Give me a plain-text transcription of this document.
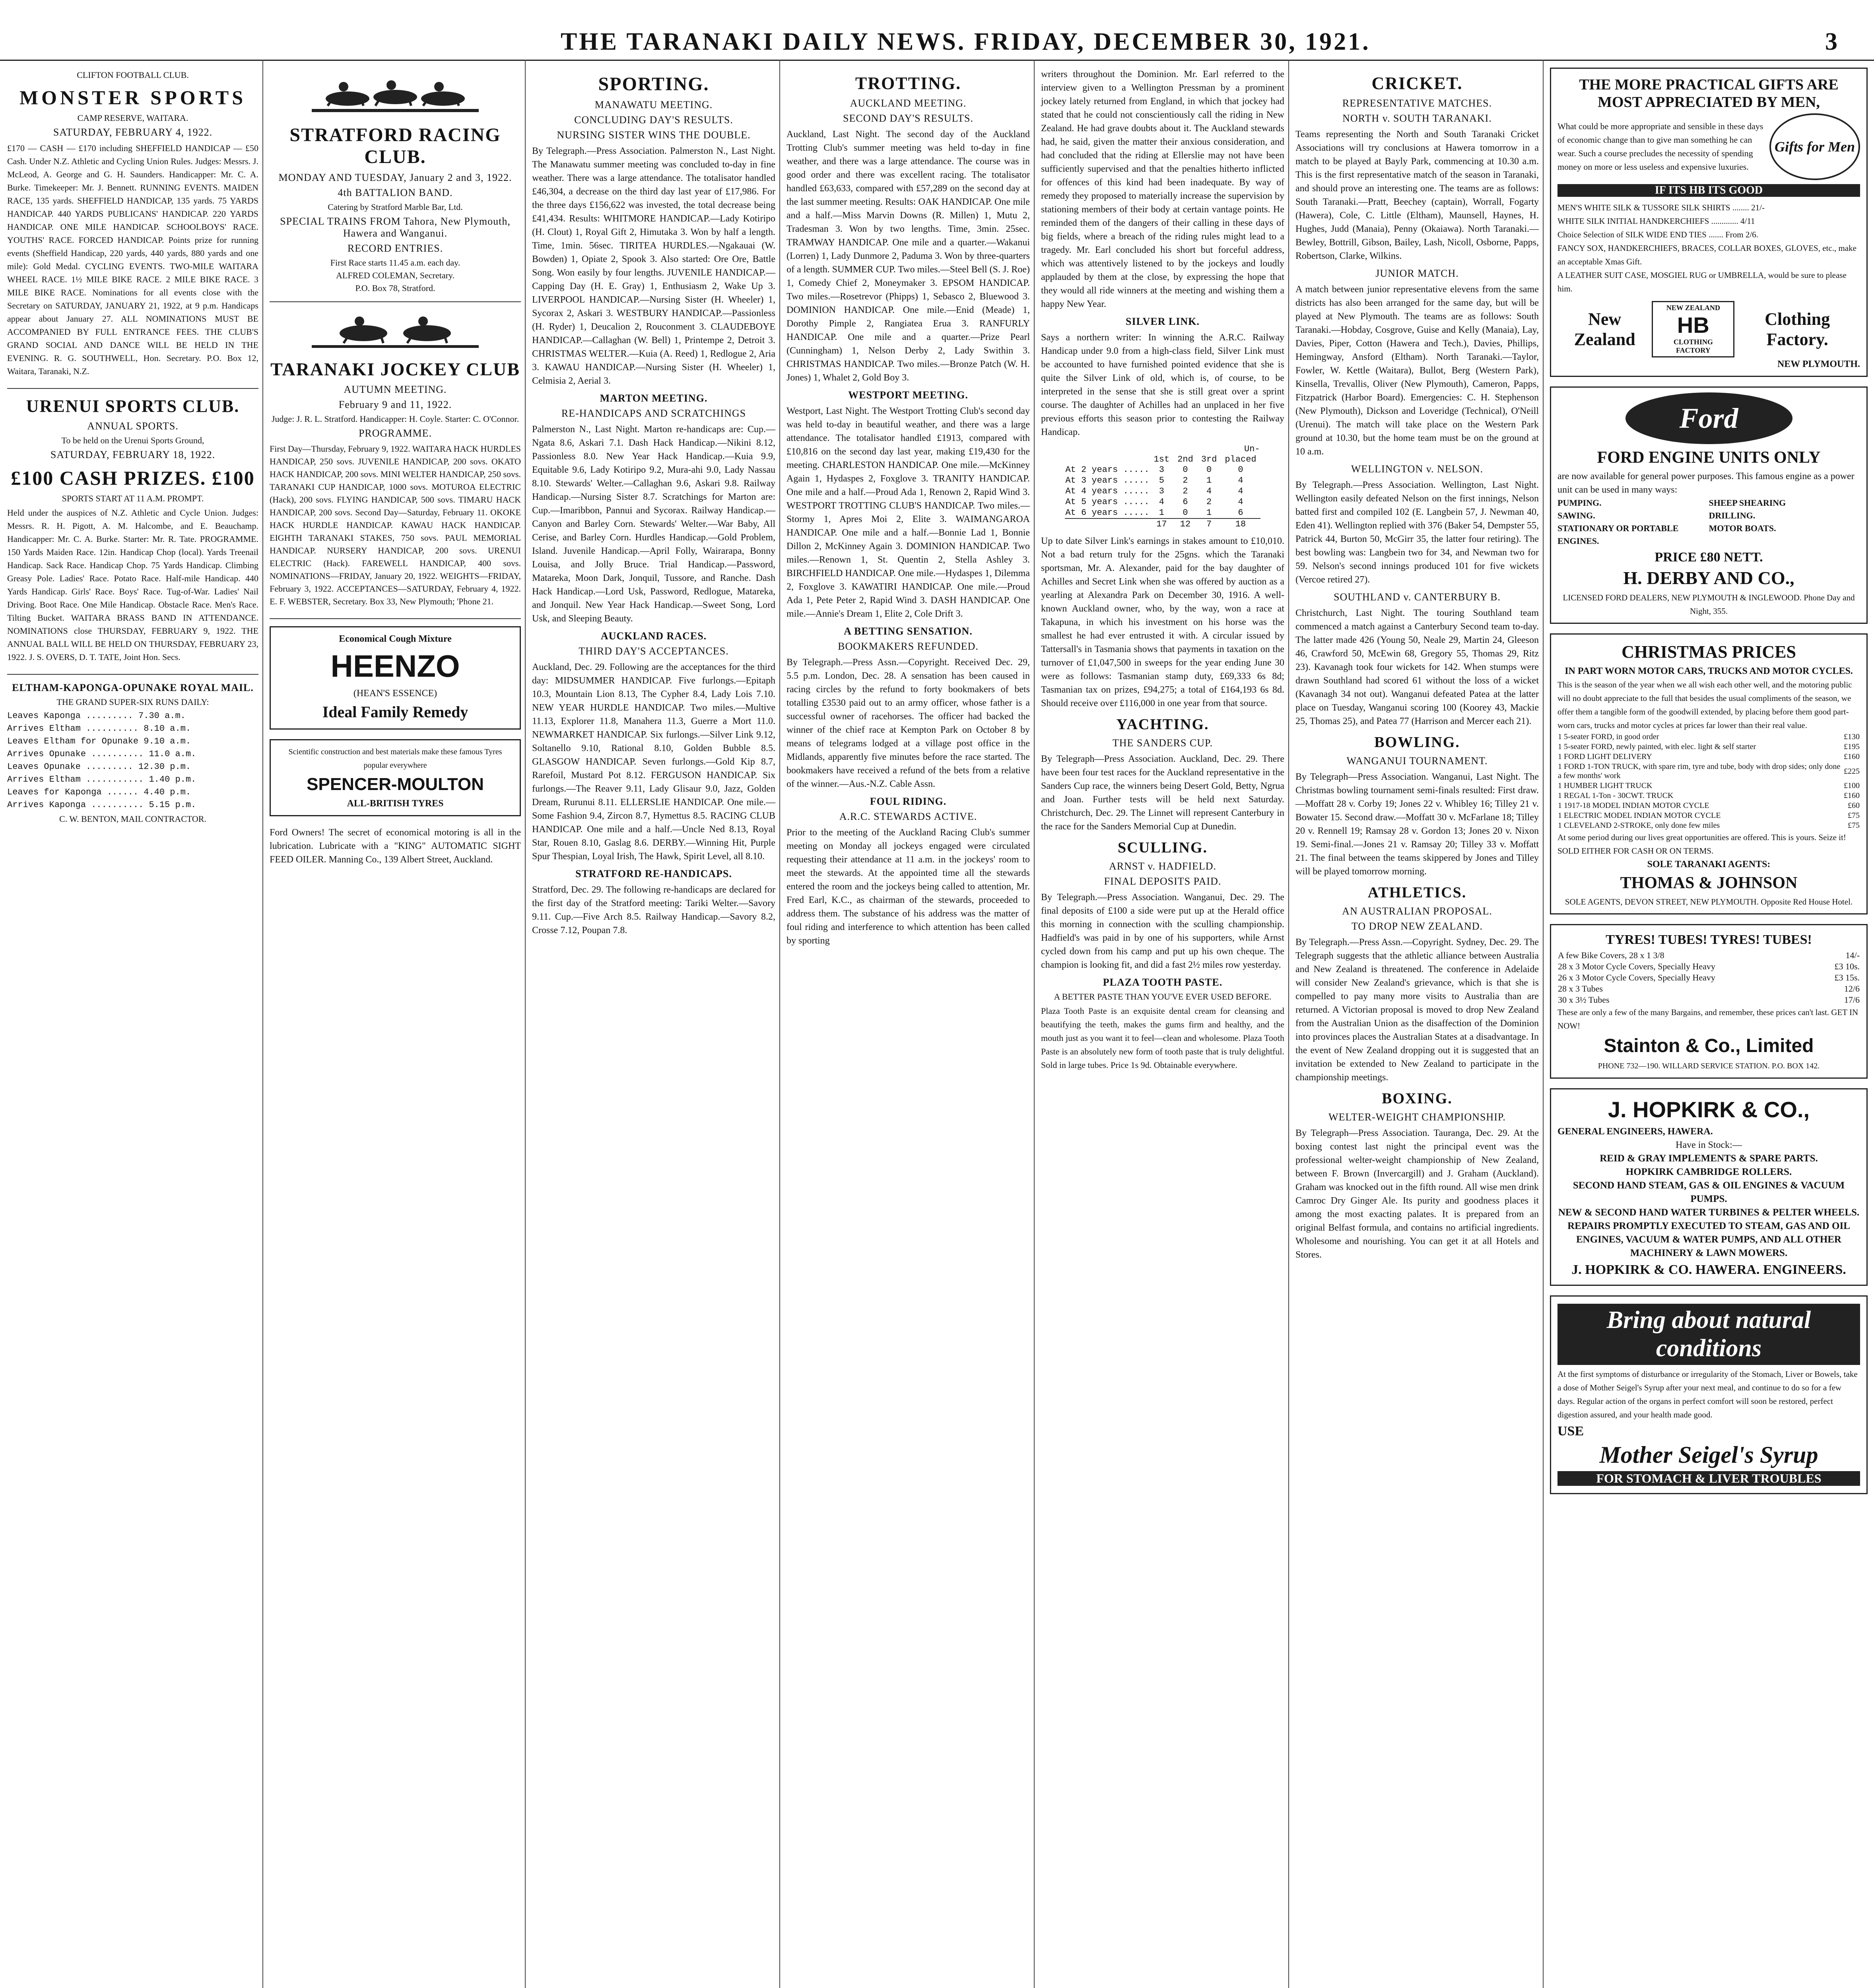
THE TARANAKI DAILY NEWS. FRIDAY, DECEMBER 30, 1921.	3
CLIFTON FOOTBALL CLUB.
MONSTER SPORTS
CAMP RESERVE, WAITARA.
SATURDAY, FEBRUARY 4, 1922.

£170 — CASH — £170 including SHEFFIELD HANDICAP — £50 Cash. Under N.Z. Athletic and Cycling Union Rules. Judges: Messrs. J. McLeod, A. George and G. H. Saunders. Handicapper: Mr. C. A. Burke. Timekeeper: Mr. J. Bennett. RUNNING EVENTS. MAIDEN RACE, 135 yards. SHEFFIELD HANDICAP, 135 yards. 75 YARDS HANDICAP. 440 YARDS PUBLICANS' HANDICAP. 220 YARDS HANDICAP. ONE MILE HANDICAP. SCHOOLBOYS' RACE. YOUTHS' RACE. FORCED HANDICAP. Points prize for running events (Sheffield Handicap, 220 yards, 440 yards, 880 yards and one mile): Gold Medal. CYCLING EVENTS. TWO-MILE WAITARA WHEEL RACE. 1½ MILE BIKE RACE. 2 MILE BIKE RACE. 3 MILE BIKE RACE. Nominations for all events close with the Secretary on SATURDAY, JANUARY 21, 1922, at 9 p.m. Handicaps appear about January 27. ALL NOMINATIONS MUST BE ACCOMPANIED BY FULL ENTRANCE FEES. THE CLUB'S GRAND SOCIAL AND DANCE WILL BE HELD IN THE EVENING. R. G. SOUTHWELL, Hon. Secretary. P.O. Box 12, Waitara, Taranaki, N.Z.

URENUI SPORTS CLUB.
ANNUAL SPORTS.
To be held on the Urenui Sports Ground,
SATURDAY, FEBRUARY 18, 1922.
£100 CASH PRIZES. £100
SPORTS START AT 11 A.M. PROMPT.

Held under the auspices of N.Z. Athletic and Cycle Union. Judges: Messrs. R. H. Pigott, A. M. Halcombe, and E. Beauchamp. Handicapper: Mr. C. A. Burke. Starter: Mr. R. Tate. PROGRAMME. 150 Yards Maiden Race. 12in. Handicap Chop (local). Yards Treenail Handicap. Sack Race. Handicap Chop. 75 Yards Handicap. Climbing Greasy Pole. Ladies' Race. Potato Race. Half-mile Handicap. 440 Yards Handicap. Girls' Race. Boys' Race. Tug-of-War. Ladies' Nail Driving. Boot Race. One Mile Handicap. Obstacle Race. Men's Race. Tilting Bucket. WAITARA BRASS BAND IN ATTENDANCE. NOMINATIONS close THURSDAY, FEBRUARY 9, 1922. THE ANNUAL BALL WILL BE HELD ON THURSDAY, FEBRUARY 23, 1922. J. S. OVERS, D. T. TATE, Joint Hon. Secs.

ELTHAM-KAPONGA-OPUNAKE ROYAL MAIL.
THE GRAND SUPER-SIX RUNS DAILY:
Leaves Kaponga ......... 7.30 a.m.
Arrives Eltham .......... 8.10 a.m.
Leaves Eltham for Opunake 9.10 a.m.
Arrives Opunake .......... 11.0 a.m.
Leaves Opunake ......... 12.30 p.m.
Arrives Eltham ........... 1.40 p.m.
Leaves for Kaponga ...... 4.40 p.m.
Arrives Kaponga .......... 5.15 p.m.
C. W. BENTON, MAIL CONTRACTOR.
STRATFORD RACING CLUB.
MONDAY AND TUESDAY, January 2 and 3, 1922.
4th BATTALION BAND.
Catering by Stratford Marble Bar, Ltd.
SPECIAL TRAINS FROM Tahora, New Plymouth, Hawera and Wanganui.
RECORD ENTRIES.
First Race starts 11.45 a.m. each day.
ALFRED COLEMAN, Secretary.
P.O. Box 78, Stratford.
TARANAKI JOCKEY CLUB
AUTUMN MEETING.
February 9 and 11, 1922.
Judge: J. R. L. Stratford. Handicapper: H. Coyle. Starter: C. O'Connor.
PROGRAMME.

First Day—Thursday, February 9, 1922. WAITARA HACK HURDLES HANDICAP, 250 sovs. JUVENILE HANDICAP, 200 sovs. OKATO HACK HANDICAP, 200 sovs. MINI WELTER HANDICAP, 250 sovs. TARANAKI CUP HANDICAP, 1000 sovs. MOTUROA ELECTRIC (Hack), 200 sovs. FLYING HANDICAP, 500 sovs. TIMARU HACK HANDICAP, 200 sovs. Second Day—Saturday, February 11. OKOKE HACK HURDLE HANDICAP. KAWAU HACK HANDICAP. EIGHTH TARANAKI STAKES, 750 sovs. PAUL MEMORIAL HANDICAP. NURSERY HANDICAP, 200 sovs. URENUI ELECTRIC (Hack). FAREWELL HANDICAP, 400 sovs. NOMINATIONS—FRIDAY, January 20, 1922. WEIGHTS—FRIDAY, February 3, 1922. ACCEPTANCES—SATURDAY, February 4, 1922. E. F. WEBSTER, Secretary. Box 33, New Plymouth; 'Phone 21.

Economical Cough Mixture
HEENZO
(HEAN'S ESSENCE)
Ideal Family Remedy
Scientific construction and best materials make these famous Tyres popular everywhere
SPENCER-MOULTON
ALL-BRITISH TYRES

Ford Owners! The secret of economical motoring is all in the lubrication. Lubricate with a "KING" AUTOMATIC SIGHT FEED OILER. Manning Co., 139 Albert Street, Auckland.

SPORTING.
MANAWATU MEETING.
CONCLUDING DAY'S RESULTS.
NURSING SISTER WINS THE DOUBLE.

By Telegraph.—Press Association. Palmerston N., Last Night. The Manawatu summer meeting was concluded to-day in fine weather. There was a large attendance. The totalisator handled £46,304, a decrease on the third day last year of £17,986. For the three days £156,622 was invested, the total decrease being £41,434. Results: WHITMORE HANDICAP.—Lady Kotiripo (H. Clout) 1, Royal Gift 2, Himutaka 3. Won by half a length. Time, 1min. 56sec. TIRITEA HURDLES.—Ngakauai (W. Bowden) 1, Opiate 2, Spook 3. Also started: Ore Ore, Battle Song. Won easily by four lengths. JUVENILE HANDICAP.—Capping Day (H. E. Gray) 1, Enthusiasm 2, Wake Up 3. LIVERPOOL HANDICAP.—Nursing Sister (H. Wheeler) 1, Sycorax 2, Askari 3. WESTBURY HANDICAP.—Passionless (H. Ryder) 1, Deucalion 2, Rouconment 3. CLAUDEBOYE HANDICAP.—Callaghan (W. Bell) 1, Printempe 2, Detroit 3. CHRISTMAS WELTER.—Kuia (A. Reed) 1, Redlogue 2, Aria 3. KAWAU HANDICAP.—Nursing Sister (H. Wheeler) 1, Celmisia 2, Aerial 3.

MARTON MEETING.
RE-HANDICAPS AND SCRATCHINGS

Palmerston N., Last Night. Marton re-handicaps are: Cup.—Ngata 8.6, Askari 7.1. Dash Hack Handicap.—Nikini 8.12, Passionless 8.0. New Year Hack Handicap.—Kuia 9.9, Equitable 9.6, Lady Kotiripo 9.2, Mura-ahi 9.0, Lady Nassau 8.10. Stewards' Welter.—Callaghan 9.6, Askari 9.8. Railway Handicap.—Nursing Sister 8.7. Scratchings for Marton are: Cup.—Imaribbon, Pannui and Sycorax. Railway Handicap.—Canyon and Barley Corn. Stewards' Welter.—War Baby, All Cerise, and Barley Corn. Hurdles Handicap.—Gold Problem, Island. Juvenile Handicap.—April Folly, Wairarapa, Bonny Louisa, and Jolly Bruce. Trial Handicap.—Password, Matareka, Moon Dark, Jonquil, Tussore, and Ranche. Dash Hack Handicap.—Lord Usk, Password, Redlogue, Matareka, and Jonquil. New Year Hack Handicap.—Sweet Song, Lord Usk, and Sleeping Beauty.

AUCKLAND RACES.
THIRD DAY'S ACCEPTANCES.

Auckland, Dec. 29. Following are the acceptances for the third day: MIDSUMMER HANDICAP. Five furlongs.—Epitaph 10.3, Mountain Lion 8.13, The Cypher 8.4, Lady Lois 7.10. NEW YEAR HURDLE HANDICAP. Two miles.—Multive 11.13, Explorer 11.8, Manahera 11.3, Guerre a Mort 11.0. NEWMARKET HANDICAP. Six furlongs.—Silver Link 9.12, Soltanello 9.10, Rational 8.10, Golden Bubble 8.5. GLASGOW HANDICAP. Seven furlongs.—Gold Kip 8.7, Rarefoil, Mustard Pot 8.12. FERGUSON HANDICAP. Six furlongs.—The Reaver 9.11, Lady Glisaur 9.0, Jazz, Golden Dream, Rurunui 8.11. ELLERSLIE HANDICAP. One mile.—Some Fashion 9.4, Zircon 8.7, Hymettus 8.5. RACING CLUB HANDICAP. One mile and a half.—Uncle Ned 8.13, Royal Star, Rouen 8.10, Gaslag 8.6. DERBY.—Winning Hit, Purple Spur Thespian, Loyal Irish, The Hawk, Spirit Level, all 8.10.

STRATFORD RE-HANDICAPS.

Stratford, Dec. 29. The following re-handicaps are declared for the first day of the Stratford meeting: Tariki Welter.—Savory 9.11. Cup.—Five Arch 8.5. Railway Handicap.—Savory 8.2, Crosse 7.12, Poupan 7.8.

TROTTING.
AUCKLAND MEETING.
SECOND DAY'S RESULTS.

Auckland, Last Night. The second day of the Auckland Trotting Club's summer meeting was held to-day in fine weather, and there was a large attendance. The course was in good order and there was excellent racing. The totalisator handled £63,633, compared with £57,289 on the second day at the last summer meeting. Results: OAK HANDICAP. One mile and a half.—Miss Marvin Downs (R. Millen) 1, Mutu 2, Tradesman 3. Won by two lengths. Time, 3min. 25sec. TRAMWAY HANDICAP. One mile and a quarter.—Wakanui (Lorren) 1, Lady Dunmore 2, Paduma 3. Won by three-quarters of a length. SUMMER CUP. Two miles.—Steel Bell (S. J. Roe) 1, Comedy Chief 2, Moneymaker 3. EPSOM HANDICAP. Two miles.—Rosetrevor (Phipps) 1, Sebasco 2, Bluewood 3. DOMINION HANDICAP. One mile.—Enid (Meade) 1, Dorothy Pimple 2, Rangiatea Erua 3. RANFURLY HANDICAP. One mile and a quarter.—Prize Pearl (Cunningham) 1, Nelson Derby 2, Lady Swithin 3. CHRISTMAS HANDICAP. Two miles.—Bronze Patch (W. H. Jones) 1, Whalet 2, Gold Boy 3.

WESTPORT MEETING.

Westport, Last Night. The Westport Trotting Club's second day was held to-day in beautiful weather, and there was a large attendance. The totalisator handled £1913, compared with £10,816 on the second day last year, making £19,430 for the meeting. CHARLESTON HANDICAP. One mile.—McKinney Again 1, Hydaspes 2, Foxglove 3. TRANITY HANDICAP. One mile and a half.—Proud Ada 1, Renown 2, Rapid Wind 3. WESTPORT TROTTING CLUB'S HANDICAP. Two miles.—Stormy 1, Apres Moi 2, Elite 3. WAIMANGAROA HANDICAP. One mile and a half.—Bonnie Lad 1, Bonnie Dillon 2, McKinney Again 3. DOMINION HANDICAP. Two miles.—Renown 1, St. Quentin 2, Stella Ashley 3. BIRCHFIELD HANDICAP. One mile.—Hydaspes 1, Dilemma 2, Foxglove 3. KAWATIRI HANDICAP. One mile.—Proud Ada 1, Pete Peter 2, Rapid Wind 3. DASH HANDICAP. One mile.—Annie's Dream 1, Elite 2, Cole Drift 3.

A BETTING SENSATION.
BOOKMAKERS REFUNDED.

By Telegraph.—Press Assn.—Copyright. Received Dec. 29, 5.5 p.m. London, Dec. 28. A sensation has been caused in racing circles by the refund to forty bookmakers of bets totalling £3530 paid out to an army officer, whose father is a successful owner of racehorses. The officer had backed the winner of the chief race at Kempton Park on October 8 by means of telegrams lodged at a village post office in the Midlands, apparently five minutes before the race started. The bookmakers have received a refund of the bets from a relative of the winner.—Aus.-N.Z. Cable Assn.

FOUL RIDING.
A.R.C. STEWARDS ACTIVE.

Prior to the meeting of the Auckland Racing Club's summer meeting on Monday all jockeys engaged were circulated requesting their attendance at 11 a.m. in the jockeys' room to meet the stewards. At the appointed time all the stewards entered the room and the jockeys being called to attention, Mr. Fred Earl, K.C., as chairman of the stewards, proceeded to address them. The substance of his address was the matter of foul riding and interference to which attention has been called by sporting

writers throughout the Dominion. Mr. Earl referred to the interview given to a Wellington Pressman by a prominent jockey lately returned from England, in which that jockey had stated that he could not conscientiously call the riding in New Zealand. He had grave doubts about it. The Auckland stewards had, he said, given the matter their anxious consideration, and had concluded that the riding at Ellerslie may not have been sufficiently supervised and that the penalties hitherto inflicted for offences of this kind had been inadequate. By way of remedy they proposed to materially increase the supervision by stationing members of their body at certain vantage points. He reminded them of the dangers of their calling in these days of big fields, where a breach of the riding rules might lead to a tragedy. Mr. Earl concluded his short but forceful address, which was attentively listened to by the jockeys and loudly applauded by them at the close, by expressing the hope that they would all ride winners at the meeting and wishing them a happy New Year.

SILVER LINK.

Says a northern writer: In winning the A.R.C. Railway Handicap under 9.0 from a high-class field, Silver Link must be accounted to have furnished pointed evidence that she is quite the Silver Link of old, which is, of course, to be interpreted in the sense that she is still great over a sprint course. The daughter of Achilles had an unplaced in her five previous efforts this season prior to contesting the Railway Handicap.

Un-				
	1st	2nd	3rd	placed
At 2 years .....	3	0	0	0
At 3 years .....	5	2	1	4
At 4 years .....	3	2	4	4
At 5 years .....	4	6	2	4
At 6 years .....	1	0	1	6
	17	12	7	18

Up to date Silver Link's earnings in stakes amount to £10,010. Not a bad return truly for the 25gns. which the Taranaki sportsman, Mr. A. Alexander, paid for the bay daughter of Achilles and Secret Link when she was offered by auction as a yearling at Alexandra Park on December 30, 1916. A well-known Auckland owner, who, by the way, won a race at Takapuna, in which his investment on his horse was the smallest he had ever entrusted it with. A circular issued by Tattersall's in Tasmania shows that payments in taxation on the turnover of £1,047,500 in sweeps for the year ending June 30 were as follows: Tasmanian stamp duty, £69,333 6s 8d; Tasmanian tax on prizes, £94,275; a total of £164,193 6s 8d. Should receive over £116,000 in one year from that source.

YACHTING.
THE SANDERS CUP.

By Telegraph—Press Association. Auckland, Dec. 29. There have been four test races for the Auckland representative in the Sanders Cup race, the winners being Desert Gold, Betty, Ngrua and Joan. Further tests will be held next Saturday. Christchurch, Dec. 29. The Linnet will represent Canterbury in the race for the Sanders Memorial Cup at Dunedin.

SCULLING.
ARNST v. HADFIELD.
FINAL DEPOSITS PAID.

By Telegraph.—Press Association. Wanganui, Dec. 29. The final deposits of £100 a side were put up at the Herald office this morning in connection with the sculling championship. Hadfield's was paid in by one of his supporters, while Arnst cycled down from his camp and put up his own cheque. The champion is looking fit, and did a fast 2½ miles row yesterday.

PLAZA TOOTH PASTE.
A BETTER PASTE THAN YOU'VE EVER USED BEFORE.

Plaza Tooth Paste is an exquisite dental cream for cleansing and beautifying the teeth, makes the gums firm and healthy, and the mouth just as you want it to feel—clean and wholesome. Plaza Tooth Paste is an absolutely new form of tooth paste that is truly delightful. Sold in large tubes. Price 1s 9d. Obtainable everywhere.

CRICKET.
REPRESENTATIVE MATCHES.
NORTH v. SOUTH TARANAKI.

Teams representing the North and South Taranaki Cricket Associations will try conclusions at Hawera tomorrow in a match to be played at Bayly Park, commencing at 10.30 a.m. This is the first representative match of the season in Taranaki, and should prove an interesting one. The teams are as follows: South Taranaki.—Pratt, Beechey (captain), Worrall, Fogarty (Hawera), Cole, C. Little (Eltham), Maunsell, Haynes, H. Hughes, Judd (Manaia), Penny (Okaiawa). North Taranaki.—Bewley, Bottrill, Gibson, Bailey, Lash, Nicoll, Osborne, Papps, Robertson, Clarke, Wilkins.

JUNIOR MATCH.

A match between junior representative elevens from the same districts has also been arranged for the same day, but will be played at New Plymouth. The teams are as follows: South Taranaki.—Hobday, Cosgrove, Guise and Kelly (Manaia), Lay, Davies, Piper, Cotton (Hawera and Tech.), Davies, Phillips, Hemingway, Ansford (Eltham). North Taranaki.—Taylor, Fowler, W. Kettle (Waitara), Bullot, Berg (Western Park), Kinsella, Trevallis, Oliver (New Plymouth), Cameron, Papps, Fitzpatrick (Harbor Board). Emergencies: C. H. Stephenson (New Plymouth), Dickson and Loveridge (Technical), O'Neill (Urenui). The match will take place on the Western Park ground at 10.30, but the home team must be on the ground at 10 a.m.

WELLINGTON v. NELSON.

By Telegraph.—Press Association. Wellington, Last Night. Wellington easily defeated Nelson on the first innings, Nelson batted first and compiled 102 (E. Langbein 57, J. Newman 40, Eden 41). Wellington replied with 376 (Baker 54, Dempster 55, Patrick 44, Burton 50, McGirr 35, the latter four retiring). The best bowling was: Langbein two for 34, and Newman two for 59. Nelson's second innings produced 101 for five wickets (Vercoe retired 27).

SOUTHLAND v. CANTERBURY B.

Christchurch, Last Night. The touring Southland team commenced a match against a Canterbury Second team to-day. The latter made 426 (Young 50, Neale 29, Martin 24, Gleeson 46, Crawford 50, McEwin 68, Gregory 55, Thomas 29, Ritz 23). Kavanagh took four wickets for 142. When stumps were drawn Southland had scored 61 without the loss of a wicket (Kavanagh 34 not out). Wanganui defeated Patea at the latter place on Tuesday, Wanganui scoring 100 (Koorey 43, Mackie 25, Thomas 25), and Patea 77 (Harrison and Mercer each 21).

BOWLING.
WANGANUI TOURNAMENT.

By Telegraph—Press Association. Wanganui, Last Night. The Christmas bowling tournament semi-finals resulted: First draw.—Moffatt 28 v. Corby 19; Jones 22 v. Whibley 16; Tilley 21 v. Bowater 15. Second draw.—Moffatt 30 v. McFarlane 18; Tilley 20 v. Rennell 19; Ramsay 28 v. Gordon 13; Jones 20 v. Nixon 19. Semi-final.—Jones 21 v. Ramsay 20; Tilley 33 v. Moffatt 21. The final between the teams skippered by Jones and Tilley will be played tomorrow morning.

ATHLETICS.
AN AUSTRALIAN PROPOSAL.
TO DROP NEW ZEALAND.

By Telegraph.—Press Assn.—Copyright. Sydney, Dec. 29. The Telegraph suggests that the athletic alliance between Australia and New Zealand is threatened. The conference in Adelaide will consider New Zealand's grievance, which is that she is compelled to pay many more visits to Australia than are returned. A Victorian proposal is moved to drop New Zealand from the Australian Union as the disaffection of the Dominion into provinces places the Australian States at a disadvantage. In the event of New Zealand dropping out it is suggested that an invitation be extended to New Zealand to participate in the championship meetings.

BOXING.
WELTER-WEIGHT CHAMPIONSHIP.

By Telegraph—Press Association. Tauranga, Dec. 29. At the boxing contest last night the principal event was the professional welter-weight championship of New Zealand, between F. Brown (Invercargill) and J. Graham (Auckland). Graham was knocked out in the fifth round. All wise men drink Camroc Dry Ginger Ale. Its purity and goodness places it among the most exacting palates. It is prepared from an original Belfast formula, and contains no artificial ingredients. Wholesome and nourishing. You can get it at all Hotels and Stores.

THE MORE PRACTICAL GIFTS ARE MOST APPRECIATED BY MEN,
What could be more appropriate and sensible in these days of economic change than to give man something he can wear. Such a course precludes the necessity of spending money on more or less useless and expensive luxuries.
Gifts for Men
IF ITS HB ITS GOOD
MEN'S WHITE SILK & TUSSORE SILK SHIRTS ........ 21/-
WHITE SILK INITIAL HANDKERCHIEFS ............. 4/11
Choice Selection of SILK WIDE END TIES ....... From 2/6.
FANCY SOX, HANDKERCHIEFS, BRACES, COLLAR BOXES, GLOVES, etc., make an acceptable Xmas Gift.
A LEATHER SUIT CASE, MOSGIEL RUG or UMBRELLA, would be sure to please him.
New Zealand
NEW ZEALAND
HB
CLOTHING FACTORY
Clothing Factory.
NEW PLYMOUTH.
Ford
FORD ENGINE UNITS ONLY
are now available for general power purposes. This famous engine as a power unit can be used in many ways:
PUMPING.	SHEEP SHEARING
SAWING.	DRILLING.
STATIONARY OR PORTABLE ENGINES.
MOTOR BOATS.
PRICE £80 NETT.
H. DERBY AND CO.,
LICENSED FORD DEALERS, NEW PLYMOUTH & INGLEWOOD. Phone Day and Night, 355.
CHRISTMAS PRICES
IN PART WORN MOTOR CARS, TRUCKS AND MOTOR CYCLES.
This is the season of the year when we all wish each other well, and the motoring public will no doubt appreciate to the full that besides the usual compliments of the season, we offer them a tangible form of the goodwill extended, by placing before them good part-worn cars, trucks and motor cycles at prices far lower than their real value.
1 5-seater FORD, in good order	£130
1 5-seater FORD, newly painted, with elec. light & self starter	£195
1 FORD LIGHT DELIVERY	£160
1 FORD 1-TON TRUCK, with spare rim, tyre and tube, body with drop sides; only done a few months' work	£225
1 HUMBER LIGHT TRUCK	£100
1 REGAL 1-Ton - 30CWT. TRUCK	£160
1 1917-18 MODEL INDIAN MOTOR CYCLE	£60
1 ELECTRIC MODEL INDIAN MOTOR CYCLE	£75
1 CLEVELAND 2-STROKE, only done few miles	£75
At some period during our lives great opportunities are offered. This is yours. Seize it! SOLD EITHER FOR CASH OR ON TERMS.
SOLE TARANAKI AGENTS:
THOMAS & JOHNSON
SOLE AGENTS, DEVON STREET, NEW PLYMOUTH. Opposite Red House Hotel.
TYRES! TUBES! TYRES! TUBES!
A few Bike Covers, 28 x 1 3/8	14/-
28 x 3 Motor Cycle Covers, Specially Heavy	£3 10s.
26 x 3 Motor Cycle Covers, Specially Heavy	£3 15s.
28 x 3 Tubes	12/6
30 x 3½ Tubes	17/6
These are only a few of the many Bargains, and remember, these prices can't last. GET IN NOW!
Stainton & Co., Limited
PHONE 732—190. WILLARD SERVICE STATION. P.O. BOX 142.
J. HOPKIRK & CO.,
GENERAL ENGINEERS, HAWERA.
Have in Stock:—
REID & GRAY IMPLEMENTS & SPARE PARTS.
HOPKIRK CAMBRIDGE ROLLERS.
SECOND HAND STEAM, GAS & OIL ENGINES & VACUUM PUMPS.
NEW & SECOND HAND WATER TURBINES & PELTER WHEELS.
REPAIRS PROMPTLY EXECUTED TO STEAM, GAS AND OIL ENGINES, VACUUM & WATER PUMPS, AND ALL OTHER MACHINERY & LAWN MOWERS.
J. HOPKIRK & CO. HAWERA. ENGINEERS.
Bring about natural conditions
At the first symptoms of disturbance or irregularity of the Stomach, Liver or Bowels, take a dose of Mother Seigel's Syrup after your next meal, and continue to do so for a few days. Regular action of the organs in perfect comfort will soon be restored, perfect digestion assured, and your health made good.
USE
Mother Seigel's Syrup
FOR STOMACH & LIVER TROUBLES
